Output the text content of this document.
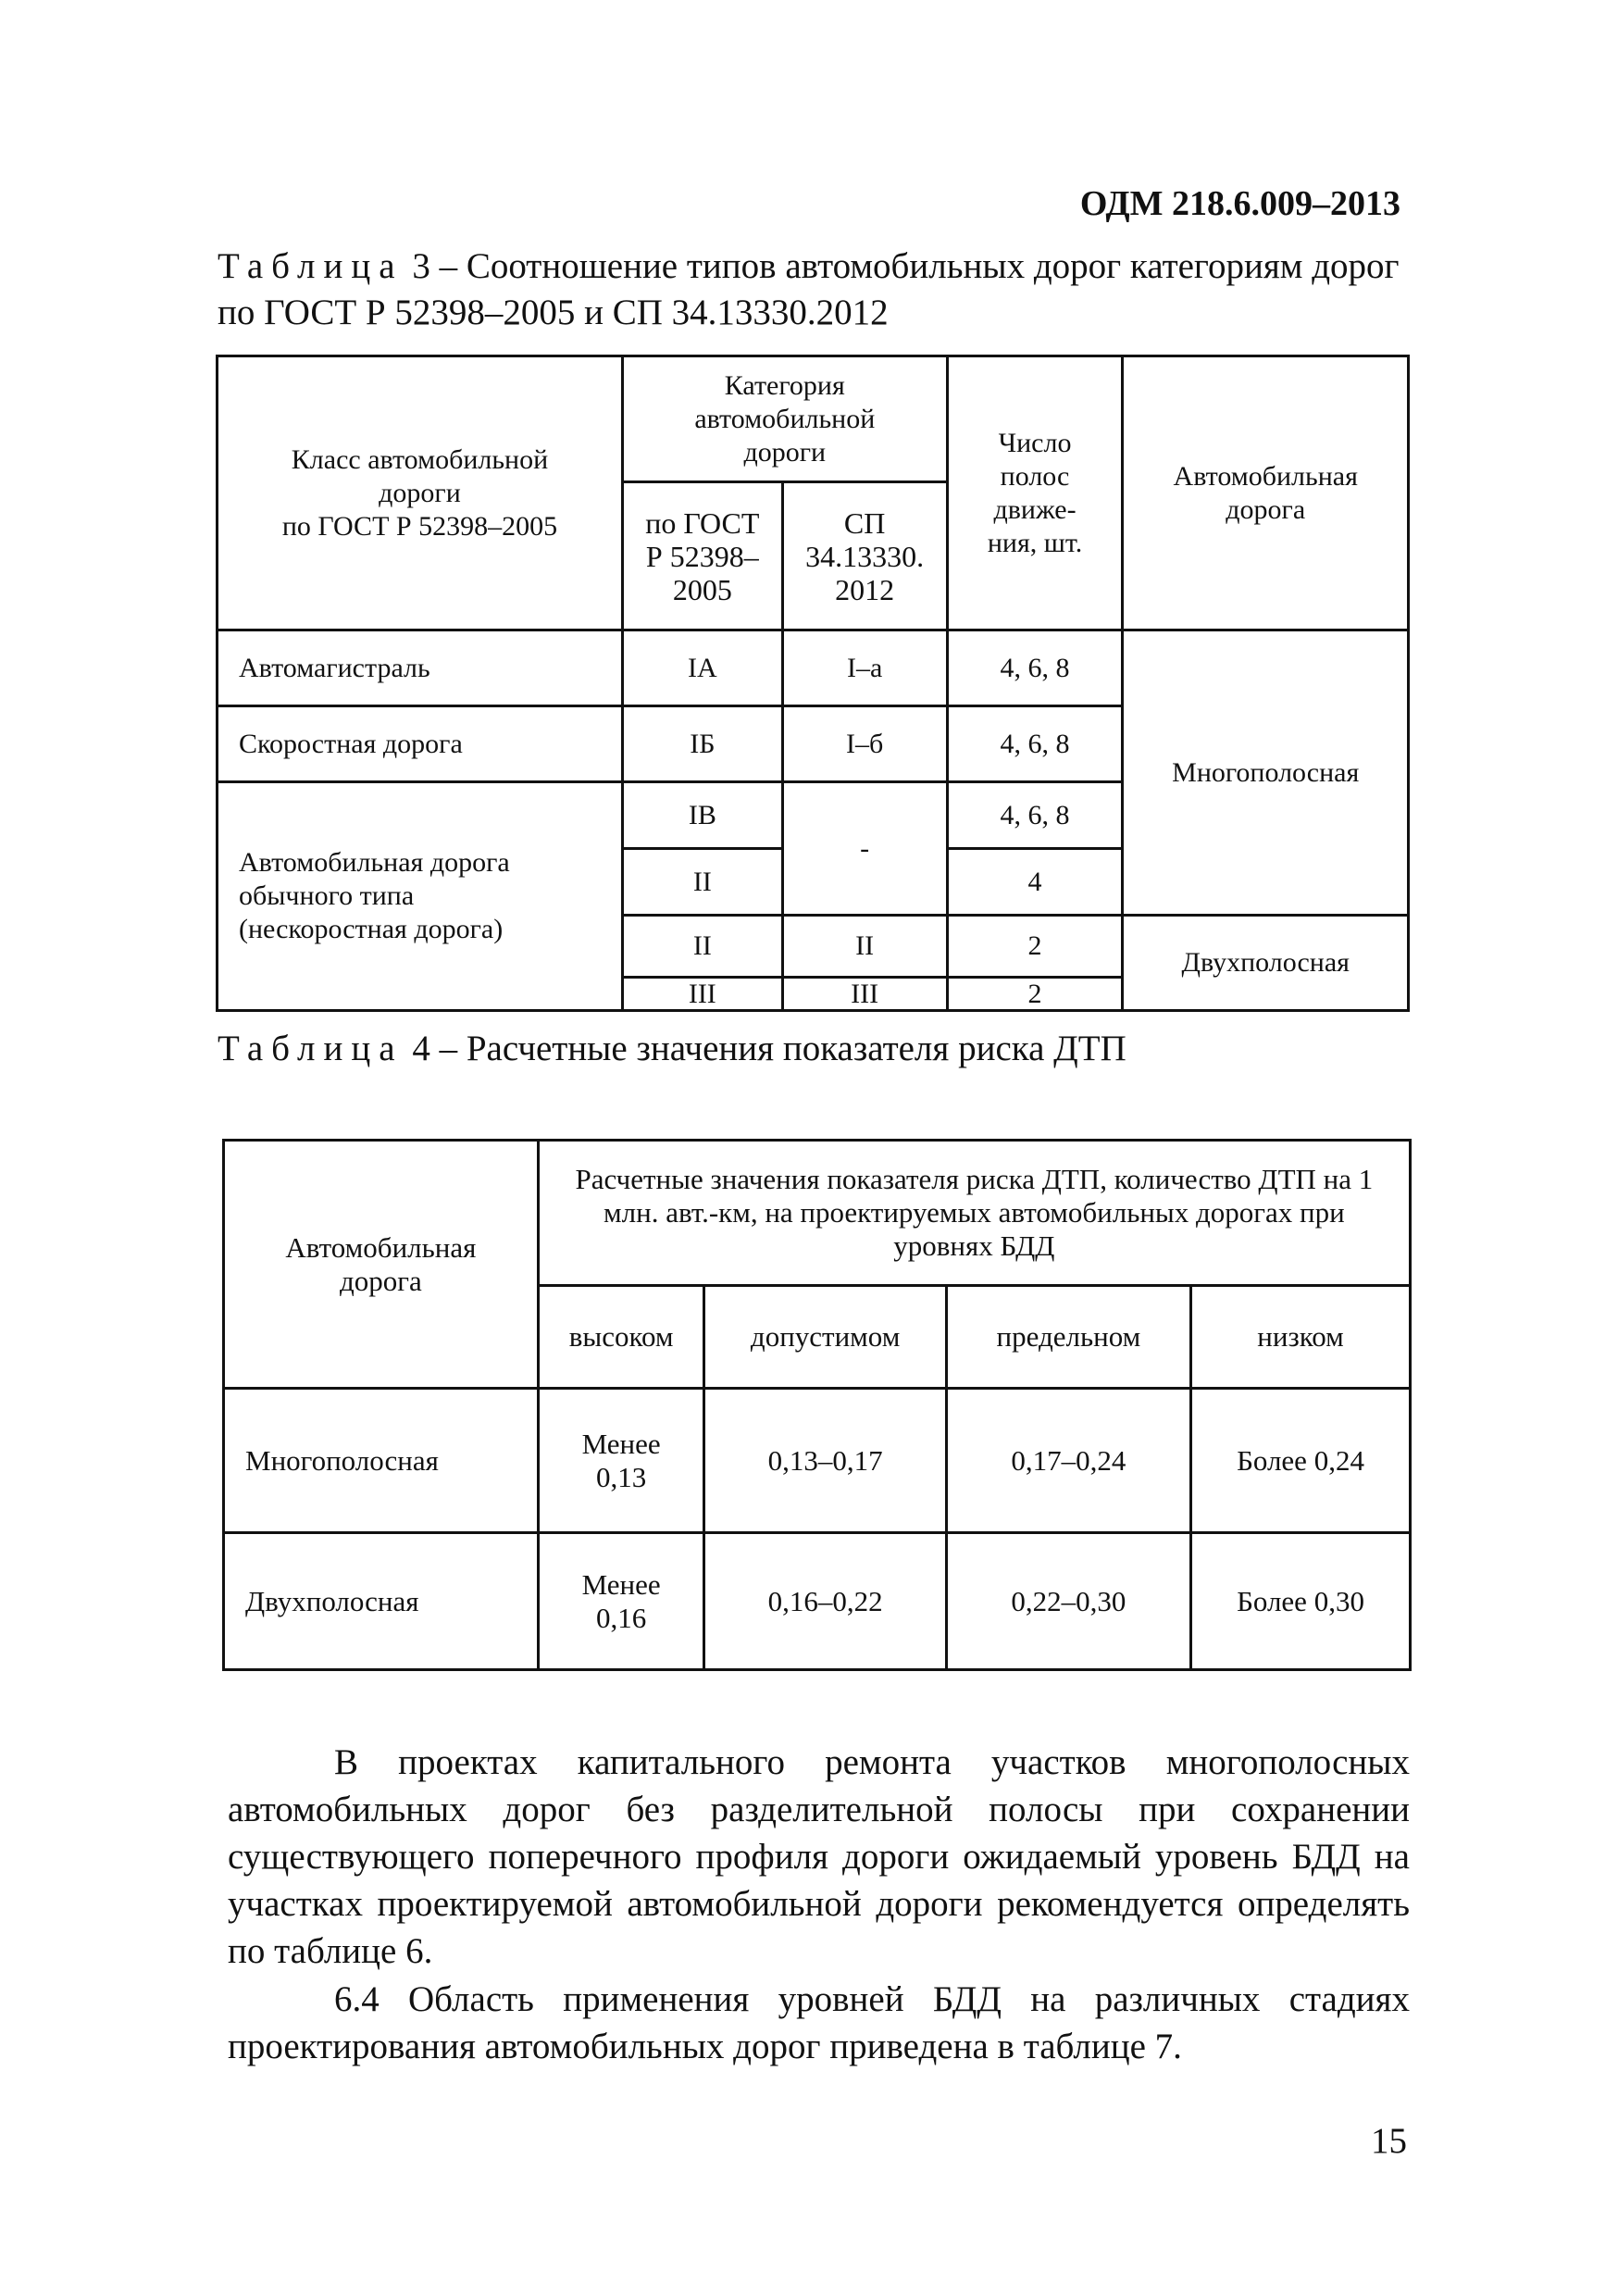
ОДМ 218.6.009–2013
Таблица 3 – Соотношение типов автомобильных дорог категориям дорог по ГОСТ Р 52398–2005 и СП 34.13330.2012
Класс автомобильной
дороги
по ГОСТ Р 52398–2005	Категория автомобильной дороги		Число полос движе- ния, шт.	Автомобильная дорога
	по ГОСТ Р 52398– 2005	СП 34.13330. 2012		
Автомагистраль	IА	I–а	4, 6, 8	Многополосная
Скоростная дорога	IБ	I–б	4, 6, 8	

Автомобильная дорога
обычного типа
(нескоростная дорога)	IВ	-	4, 6, 8	
	II		4	
	II	II	2	Двухполосная
	III	III	2	
Таблица 4 – Расчетные значения показателя риска ДТП
Автомобильная дорога	Расчетные значения показателя риска ДТП, количество ДТП на 1 млн. авт.-км, на проектируемых автомобильных дорогах при уровнях БДД			
	высоком	допустимом	предельном	низком
Многополосная	Менее 0,13	0,13–0,17	0,17–0,24	Более 0,24
Двухполосная	Менее 0,16	0,16–0,22	0,22–0,30	Более 0,30
В проектах капитального ремонта участков многополосных автомобильных дорог без разделительной полосы при сохранении существующего поперечного профиля дороги ожидаемый уровень БДД на участках проектируемой автомобильной дороги рекомендуется определять по таблице 6.
6.4 Область применения уровней БДД на различных стадиях проектирования автомобильных дорог приведена в таблице 7.
15
